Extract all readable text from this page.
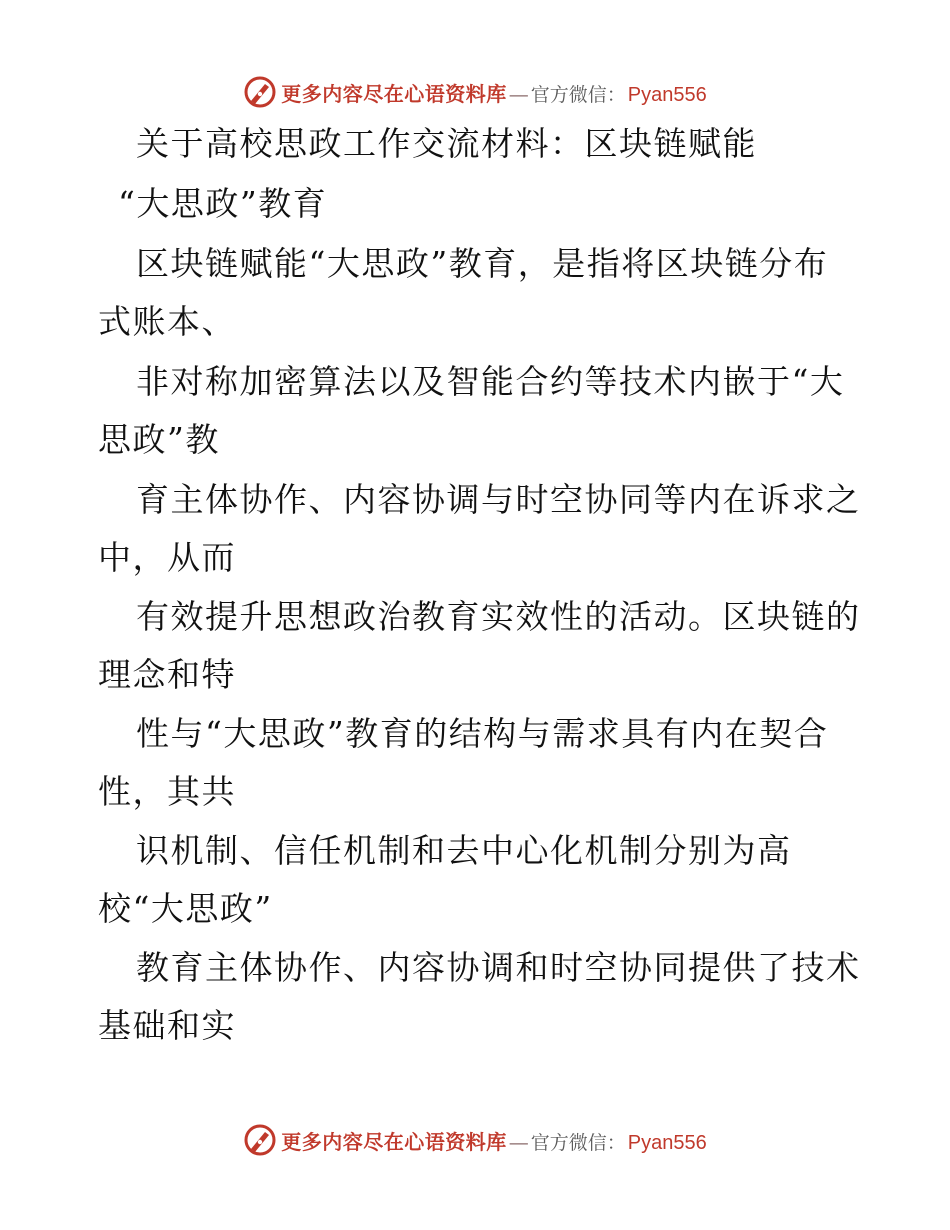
更多内容尽在心语资料库 — 官方微信： Pyan556
关于高校思政工作交流材料：区块链赋能
“大思政”教育
区块链赋能“大思政”教育，是指将区块链分布
式账本、
非对称加密算法以及智能合约等技术内嵌于“大
思政”教
育主体协作、内容协调与时空协同等内在诉求之
中，从而
有效提升思想政治教育实效性的活动。区块链的
理念和特
性与“大思政”教育的结构与需求具有内在契合
性，其共
识机制、信任机制和去中心化机制分别为高
校“大思政”
教育主体协作、内容协调和时空协同提供了技术
基础和实
更多内容尽在心语资料库 — 官方微信： Pyan556
